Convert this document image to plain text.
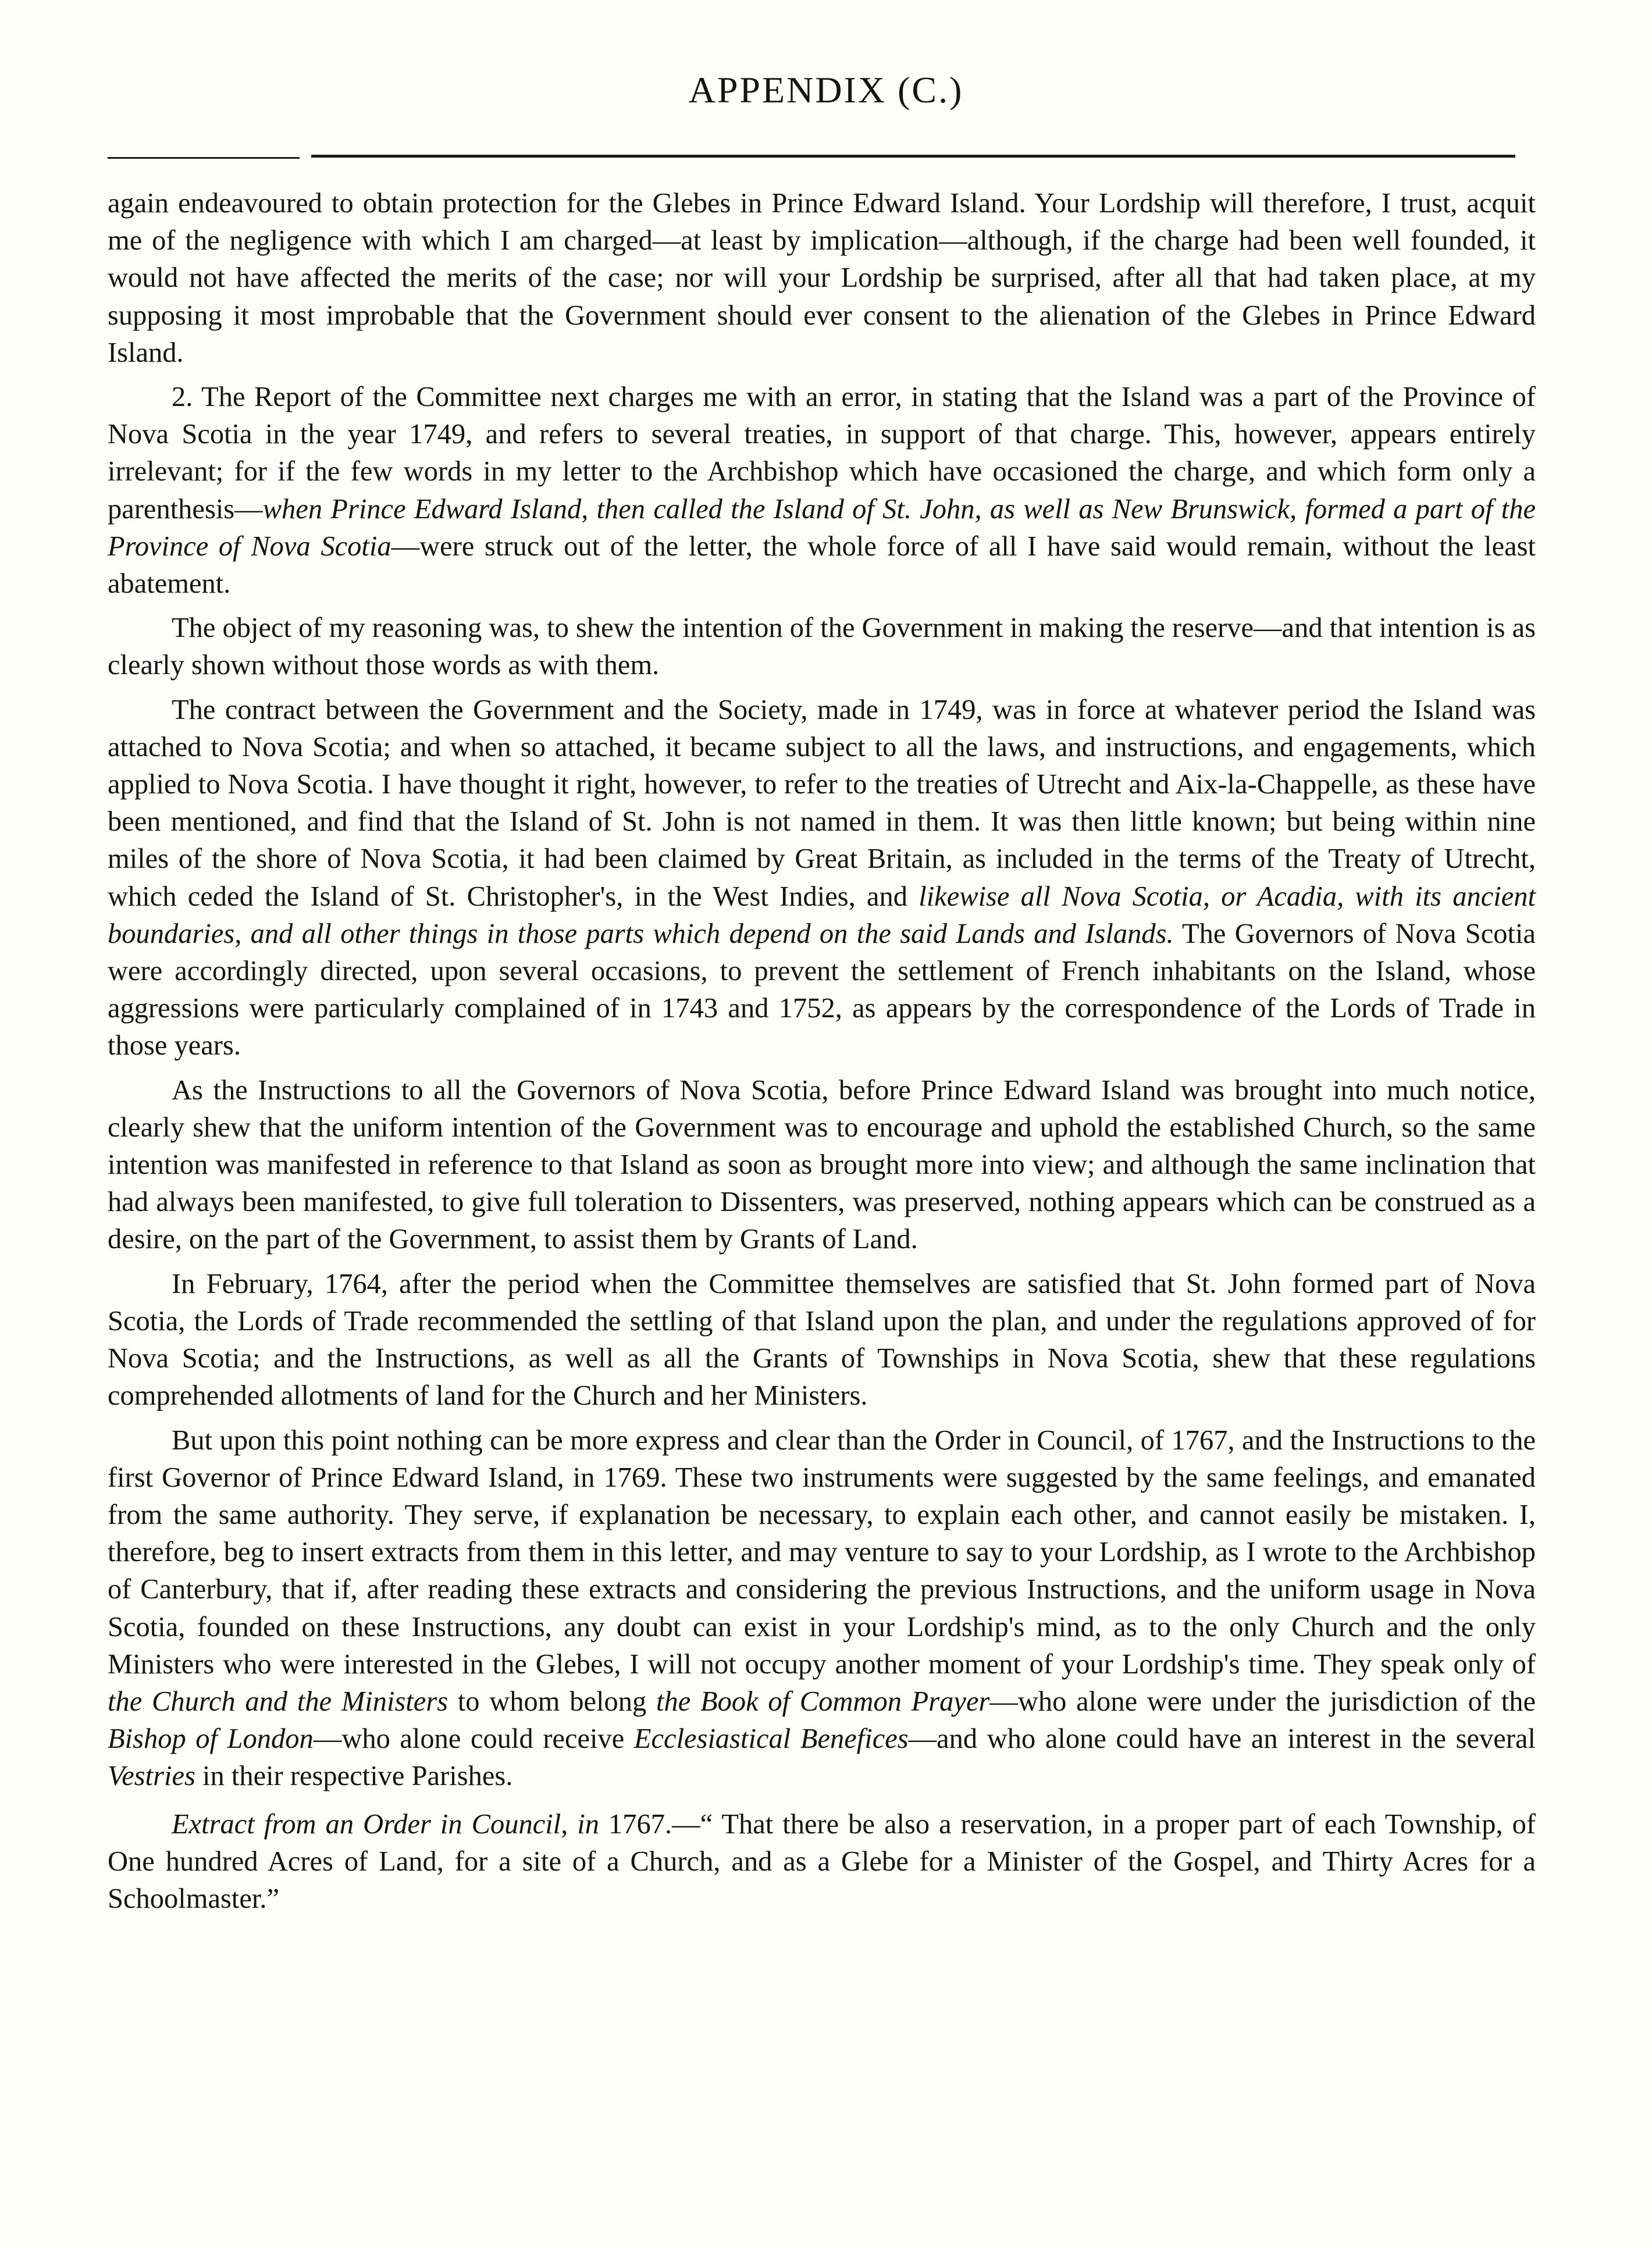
APPENDIX (C.)

again endeavoured to obtain protection for the Glebes in Prince Edward Island. Your Lordship will therefore, I trust, acquit me of the negligence with which I am charged—at least by implication—although, if the charge had been well founded, it would not have affected the merits of the case; nor will your Lordship be surprised, after all that had taken place, at my supposing it most improbable that the Government should ever consent to the alienation of the Glebes in Prince Edward Island.

2. The Report of the Committee next charges me with an error, in stating that the Island was a part of the Province of Nova Scotia in the year 1749, and refers to several treaties, in support of that charge. This, however, appears entirely irrelevant; for if the few words in my letter to the Archbishop which have occasioned the charge, and which form only a parenthesis—when Prince Edward Island, then called the Island of St. John, as well as New Brunswick, formed a part of the Province of Nova Scotia—were struck out of the letter, the whole force of all I have said would remain, without the least abatement.

The object of my reasoning was, to shew the intention of the Government in making the reserve—and that intention is as clearly shown without those words as with them.

The contract between the Government and the Society, made in 1749, was in force at whatever period the Island was attached to Nova Scotia; and when so attached, it became subject to all the laws, and instructions, and engagements, which applied to Nova Scotia. I have thought it right, however, to refer to the treaties of Utrecht and Aix-la-Chappelle, as these have been mentioned, and find that the Island of St. John is not named in them. It was then little known; but being within nine miles of the shore of Nova Scotia, it had been claimed by Great Britain, as included in the terms of the Treaty of Utrecht, which ceded the Island of St. Christopher's, in the West Indies, and likewise all Nova Scotia, or Acadia, with its ancient boundaries, and all other things in those parts which depend on the said Lands and Islands. The Governors of Nova Scotia were accordingly directed, upon several occasions, to prevent the settlement of French inhabitants on the Island, whose aggressions were particularly complained of in 1743 and 1752, as appears by the correspondence of the Lords of Trade in those years.

As the Instructions to all the Governors of Nova Scotia, before Prince Edward Island was brought into much notice, clearly shew that the uniform intention of the Government was to encourage and uphold the established Church, so the same intention was manifested in reference to that Island as soon as brought more into view; and although the same inclination that had always been manifested, to give full toleration to Dissenters, was preserved, nothing appears which can be construed as a desire, on the part of the Government, to assist them by Grants of Land.

In February, 1764, after the period when the Committee themselves are satisfied that St. John formed part of Nova Scotia, the Lords of Trade recommended the settling of that Island upon the plan, and under the regulations approved of for Nova Scotia; and the Instructions, as well as all the Grants of Townships in Nova Scotia, shew that these regulations comprehended allotments of land for the Church and her Ministers.

But upon this point nothing can be more express and clear than the Order in Council, of 1767, and the Instructions to the first Governor of Prince Edward Island, in 1769. These two instruments were suggested by the same feelings, and emanated from the same authority. They serve, if explanation be necessary, to explain each other, and cannot easily be mistaken. I, therefore, beg to insert extracts from them in this letter, and may venture to say to your Lordship, as I wrote to the Archbishop of Canterbury, that if, after reading these extracts and considering the previous Instructions, and the uniform usage in Nova Scotia, founded on these Instructions, any doubt can exist in your Lordship's mind, as to the only Church and the only Ministers who were interested in the Glebes, I will not occupy another moment of your Lordship's time. They speak only of the Church and the Ministers to whom belong the Book of Common Prayer—who alone were under the jurisdiction of the Bishop of London—who alone could receive Ecclesiastical Benefices—and who alone could have an interest in the several Vestries in their respective Parishes.

Extract from an Order in Council, in 1767.—“ That there be also a reservation, in a proper part of each Township, of One hundred Acres of Land, for a site of a Church, and as a Glebe for a Minister of the Gospel, and Thirty Acres for a Schoolmaster.”
